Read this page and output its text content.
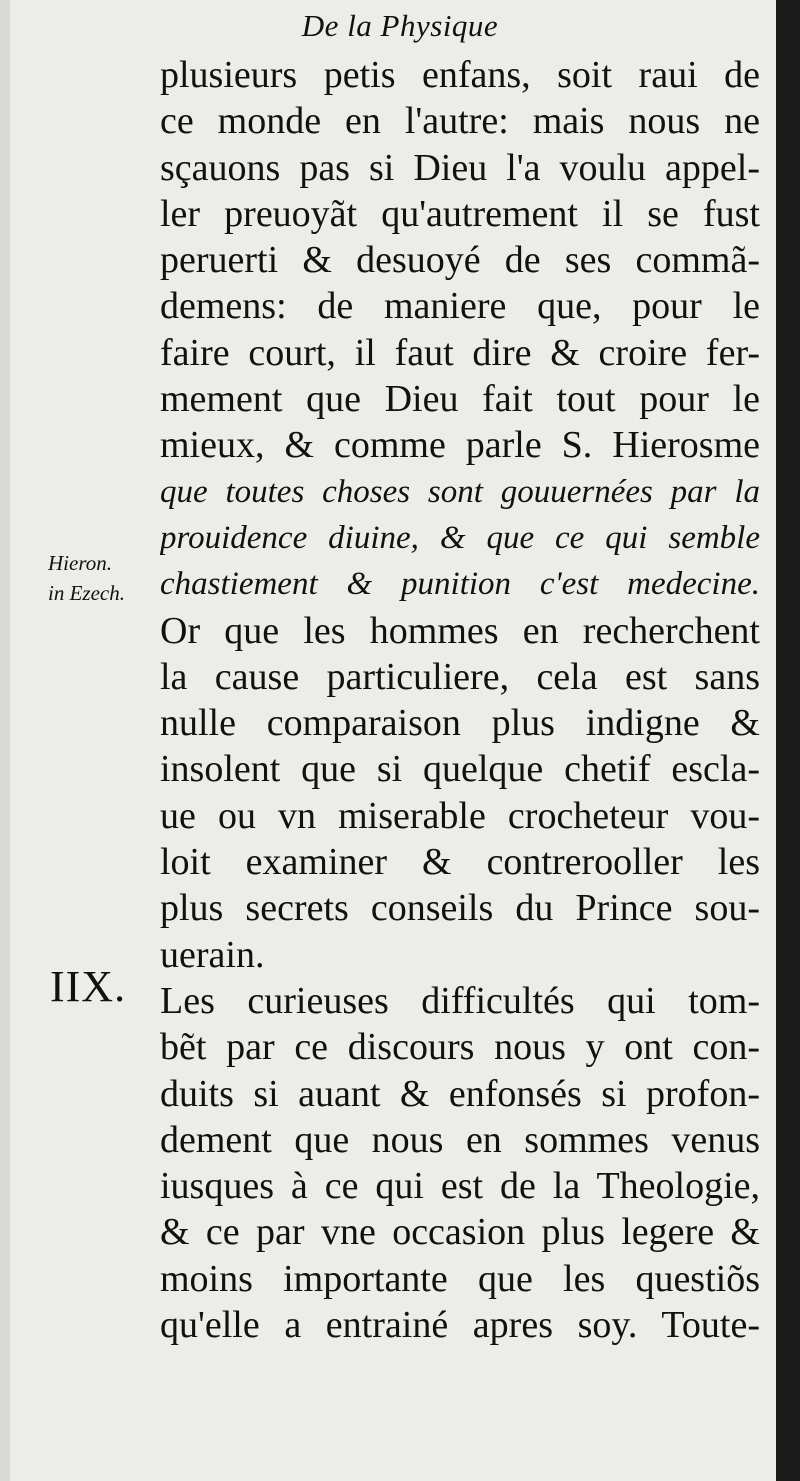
De la Physique
Hieron.
in Ezech.
IIX.
plusieurs petis enfans, soit raui de
ce monde en l'autre: mais nous ne
sçauons pas si Dieu l'a voulu appel-
ler preuoyãt qu'autrement il se fust
peruerti & desuoyé de ses commã-
demens: de maniere que, pour le
faire court, il faut dire & croire fer-
mement que Dieu fait tout pour le
mieux, & comme parle S. Hierosme
que toutes choses sont gouuernées par la
prouidence diuine, & que ce qui semble
chastiement & punition c'est medecine.
Or que les hommes en recherchent
la cause particuliere, cela est sans
nulle comparaison plus indigne &
insolent que si quelque chetif escla-
ue ou vn miserable crocheteur vou-
loit examiner & contrerooller les
plus secrets conseils du Prince sou-
uerain.
Les curieuses difficultés qui tom-
bẽt par ce discours nous y ont con-
duits si auant & enfonsés si profon-
dement que nous en sommes venus
iusques à ce qui est de la Theologie,
& ce par vne occasion plus legere &
moins importante que les questiõs
qu'elle a entrainé apres soy. Toute-
